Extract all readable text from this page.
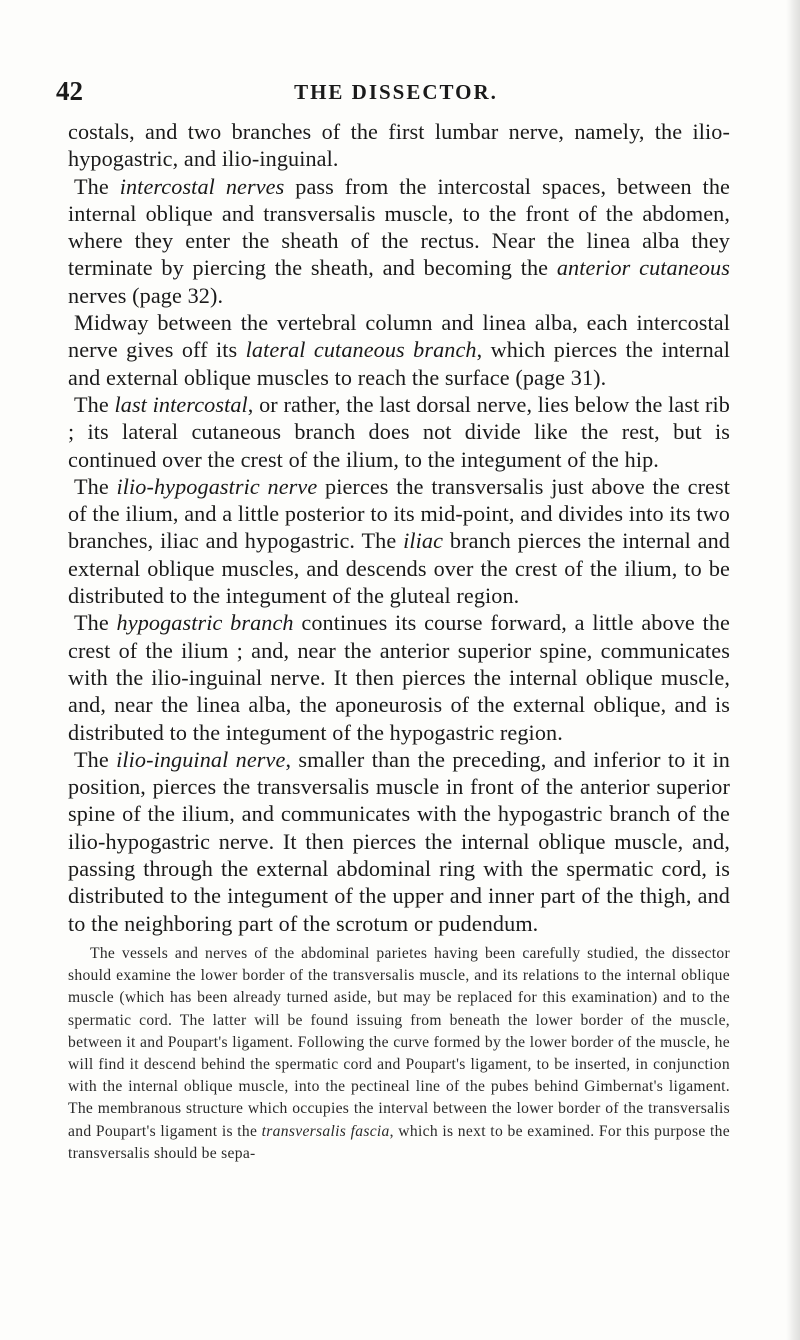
42	THE DISSECTOR.

costals, and two branches of the first lumbar nerve, namely, the ilio-hypogastric, and ilio-inguinal.

The intercostal nerves pass from the intercostal spaces, between the internal oblique and transversalis muscle, to the front of the abdomen, where they enter the sheath of the rectus. Near the linea alba they terminate by piercing the sheath, and becoming the anterior cutaneous nerves (page 32).

Midway between the vertebral column and linea alba, each intercostal nerve gives off its lateral cutaneous branch, which pierces the internal and external oblique muscles to reach the surface (page 31).

The last intercostal, or rather, the last dorsal nerve, lies below the last rib ; its lateral cutaneous branch does not divide like the rest, but is continued over the crest of the ilium, to the integument of the hip.

The ilio-hypogastric nerve pierces the transversalis just above the crest of the ilium, and a little posterior to its mid-point, and divides into its two branches, iliac and hypogastric. The iliac branch pierces the internal and external oblique muscles, and descends over the crest of the ilium, to be distributed to the integument of the gluteal region.

The hypogastric branch continues its course forward, a little above the crest of the ilium ; and, near the anterior superior spine, communicates with the ilio-inguinal nerve. It then pierces the internal oblique muscle, and, near the linea alba, the aponeurosis of the external oblique, and is distributed to the integument of the hypogastric region.

The ilio-inguinal nerve, smaller than the preceding, and inferior to it in position, pierces the transversalis muscle in front of the anterior superior spine of the ilium, and communicates with the hypogastric branch of the ilio-hypogastric nerve. It then pierces the internal oblique muscle, and, passing through the external abdominal ring with the spermatic cord, is distributed to the integument of the upper and inner part of the thigh, and to the neighboring part of the scrotum or pudendum.

The vessels and nerves of the abdominal parietes having been carefully studied, the dissector should examine the lower border of the transversalis muscle, and its relations to the internal oblique muscle (which has been already turned aside, but may be replaced for this examination) and to the spermatic cord. The latter will be found issuing from beneath the lower border of the muscle, between it and Poupart's ligament. Following the curve formed by the lower border of the muscle, he will find it descend behind the spermatic cord and Poupart's ligament, to be inserted, in conjunction with the internal oblique muscle, into the pectineal line of the pubes behind Gimbernat's ligament. The membranous structure which occupies the interval between the lower border of the transversalis and Poupart's ligament is the transversalis fascia, which is next to be examined. For this purpose the transversalis should be sepa-
